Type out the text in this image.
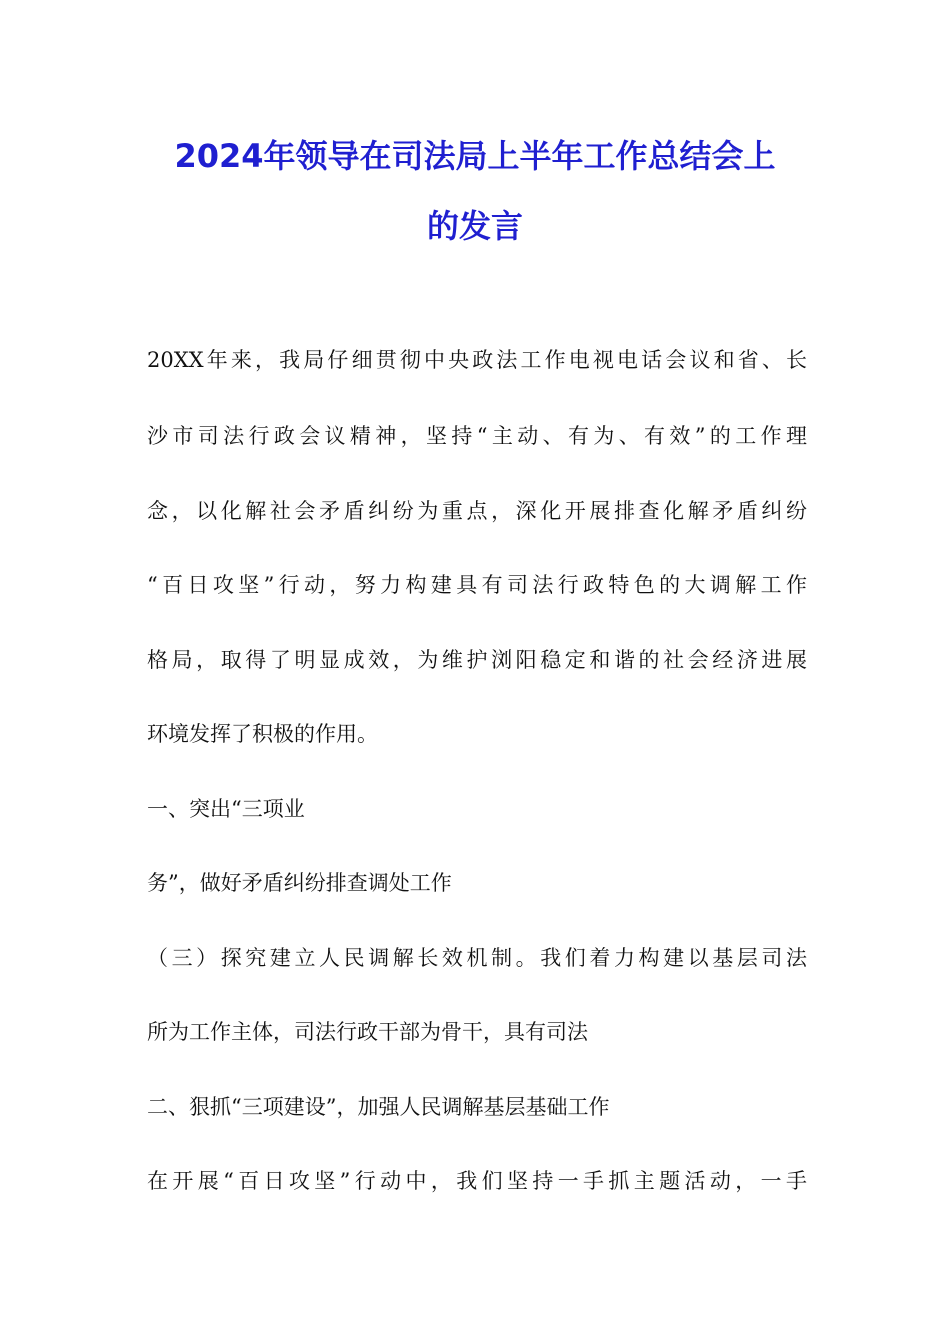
2024年领导在司法局上半年工作总结会上
的发言

20XX年来，我局仔细贯彻中央政法工作电视电话会议和省、长

沙市司法行政会议精神，坚持“主动、有为、有效”的工作理

念，以化解社会矛盾纠纷为重点，深化开展排查化解矛盾纠纷

“百日攻坚”行动，努力构建具有司法行政特色的大调解工作

格局，取得了明显成效，为维护浏阳稳定和谐的社会经济进展

环境发挥了积极的作用。

一、突出“三项业

务”，做好矛盾纠纷排查调处工作

（三）探究建立人民调解长效机制。我们着力构建以基层司法

所为工作主体，司法行政干部为骨干，具有司法

二、狠抓“三项建设”，加强人民调解基层基础工作

在开展“百日攻坚”行动中，我们坚持一手抓主题活动，一手
